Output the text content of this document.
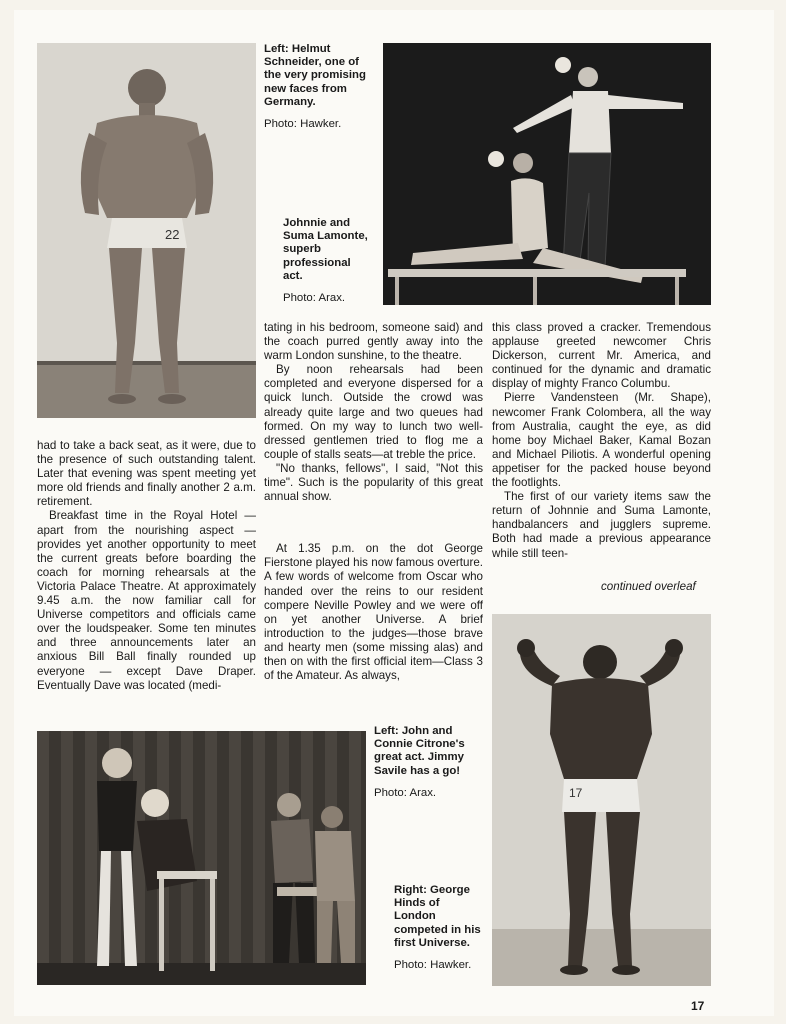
22
Left: Helmut Schneider, one of the very promising new faces from Germany.
Photo: Hawker.
Johnnie and Suma Lamonte, superb professional act.
Photo: Arax.

had to take a back seat, as it were, due to the presence of such outstanding talent. Later that evening was spent meeting yet more old friends and finally another 2 a.m. retirement.

Breakfast time in the Royal Hotel —apart from the nourishing aspect —provides yet another opportunity to meet the current greats before boarding the coach for morning rehearsals at the Victoria Palace Theatre. At approximately 9.45 a.m. the now familiar call for Universe competitors and officials came over the loudspeaker. Some ten minutes and three announcements later an anxious Bill Ball finally rounded up everyone — except Dave Draper. Eventually Dave was located (medi-

tating in his bedroom, someone said) and the coach purred gently away into the warm London sunshine, to the theatre.

By noon rehearsals had been completed and everyone dispersed for a quick lunch. Outside the crowd was already quite large and two queues had formed. On my way to lunch two well-dressed gentlemen tried to flog me a couple of stalls seats—at treble the price.

"No thanks, fellows", I said, "Not this time". Such is the popularity of this great annual show.

At 1.35 p.m. on the dot George Fierstone played his now famous overture. A few words of welcome from Oscar who handed over the reins to our resident compere Neville Powley and we were off on yet another Universe. A brief introduction to the judges—those brave and hearty men (some missing alas) and then on with the first official item—Class 3 of the Amateur. As always,

this class proved a cracker. Tremendous applause greeted newcomer Chris Dickerson, current Mr. America, and continued for the dynamic and dramatic display of mighty Franco Columbu.

Pierre Vandensteen (Mr. Shape), newcomer Frank Colombera, all the way from Australia, caught the eye, as did home boy Michael Baker, Kamal Bozan and Michael Piliotis. A wonderful opening appetiser for the packed house beyond the footlights.

The first of our variety items saw the return of Johnnie and Suma Lamonte, handbalancers and jugglers supreme. Both had made a previous appearance while still teen-

continued overleaf
17
Left: John and Connie Citrone's great act. Jimmy Savile has a go!
Photo: Arax.
Right: George Hinds of London competed in his first Universe.
Photo: Hawker.
17
